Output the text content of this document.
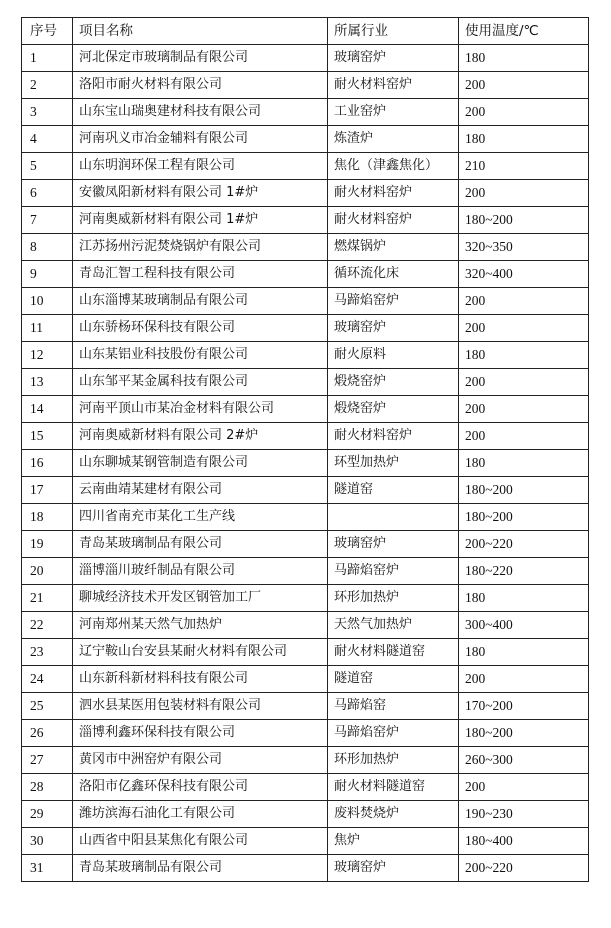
序号	项目名称	所属行业	使用温度/℃
1	河北保定市玻璃制品有限公司	玻璃窑炉	180
2	洛阳市耐火材料有限公司	耐火材料窑炉	200
3	山东宝山瑞奥建材科技有限公司	工业窑炉	200
4	河南巩义市冶金辅料有限公司	炼渣炉	180
5	山东明润环保工程有限公司	焦化（津鑫焦化）	210
6	安徽凤阳新材料有限公司 1#炉	耐火材料窑炉	200
7	河南奥威新材料有限公司 1#炉	耐火材料窑炉	180~200
8	江苏扬州污泥焚烧锅炉有限公司	燃煤锅炉	320~350
9	青岛汇智工程科技有限公司	循环流化床	320~400
10	山东淄博某玻璃制品有限公司	马蹄焰窑炉	200
11	山东骄杨环保科技有限公司	玻璃窑炉	200
12	山东某铝业科技股份有限公司	耐火原料	180
13	山东邹平某金属科技有限公司	煅烧窑炉	200
14	河南平顶山市某冶金材料有限公司	煅烧窑炉	200
15	河南奥威新材料有限公司 2#炉	耐火材料窑炉	200
16	山东聊城某钢管制造有限公司	环型加热炉	180
17	云南曲靖某建材有限公司	隧道窑	180~200
18	四川省南充市某化工生产线		180~200
19	青岛某玻璃制品有限公司	玻璃窑炉	200~220
20	淄博淄川玻纤制品有限公司	马蹄焰窑炉	180~220
21	聊城经济技术开发区钢管加工厂	环形加热炉	180
22	河南郑州某天然气加热炉	天然气加热炉	300~400
23	辽宁鞍山台安县某耐火材料有限公司	耐火材料隧道窑	180
24	山东新科新材料科技有限公司	隧道窑	200
25	泗水县某医用包装材料有限公司	马蹄焰窑	170~200
26	淄博利鑫环保科技有限公司	马蹄焰窑炉	180~200
27	黄冈市中洲窑炉有限公司	环形加热炉	260~300
28	洛阳市亿鑫环保科技有限公司	耐火材料隧道窑	200
29	潍坊滨海石油化工有限公司	废料焚烧炉	190~230
30	山西省中阳县某焦化有限公司	焦炉	180~400
31	青岛某玻璃制品有限公司	玻璃窑炉	200~220
